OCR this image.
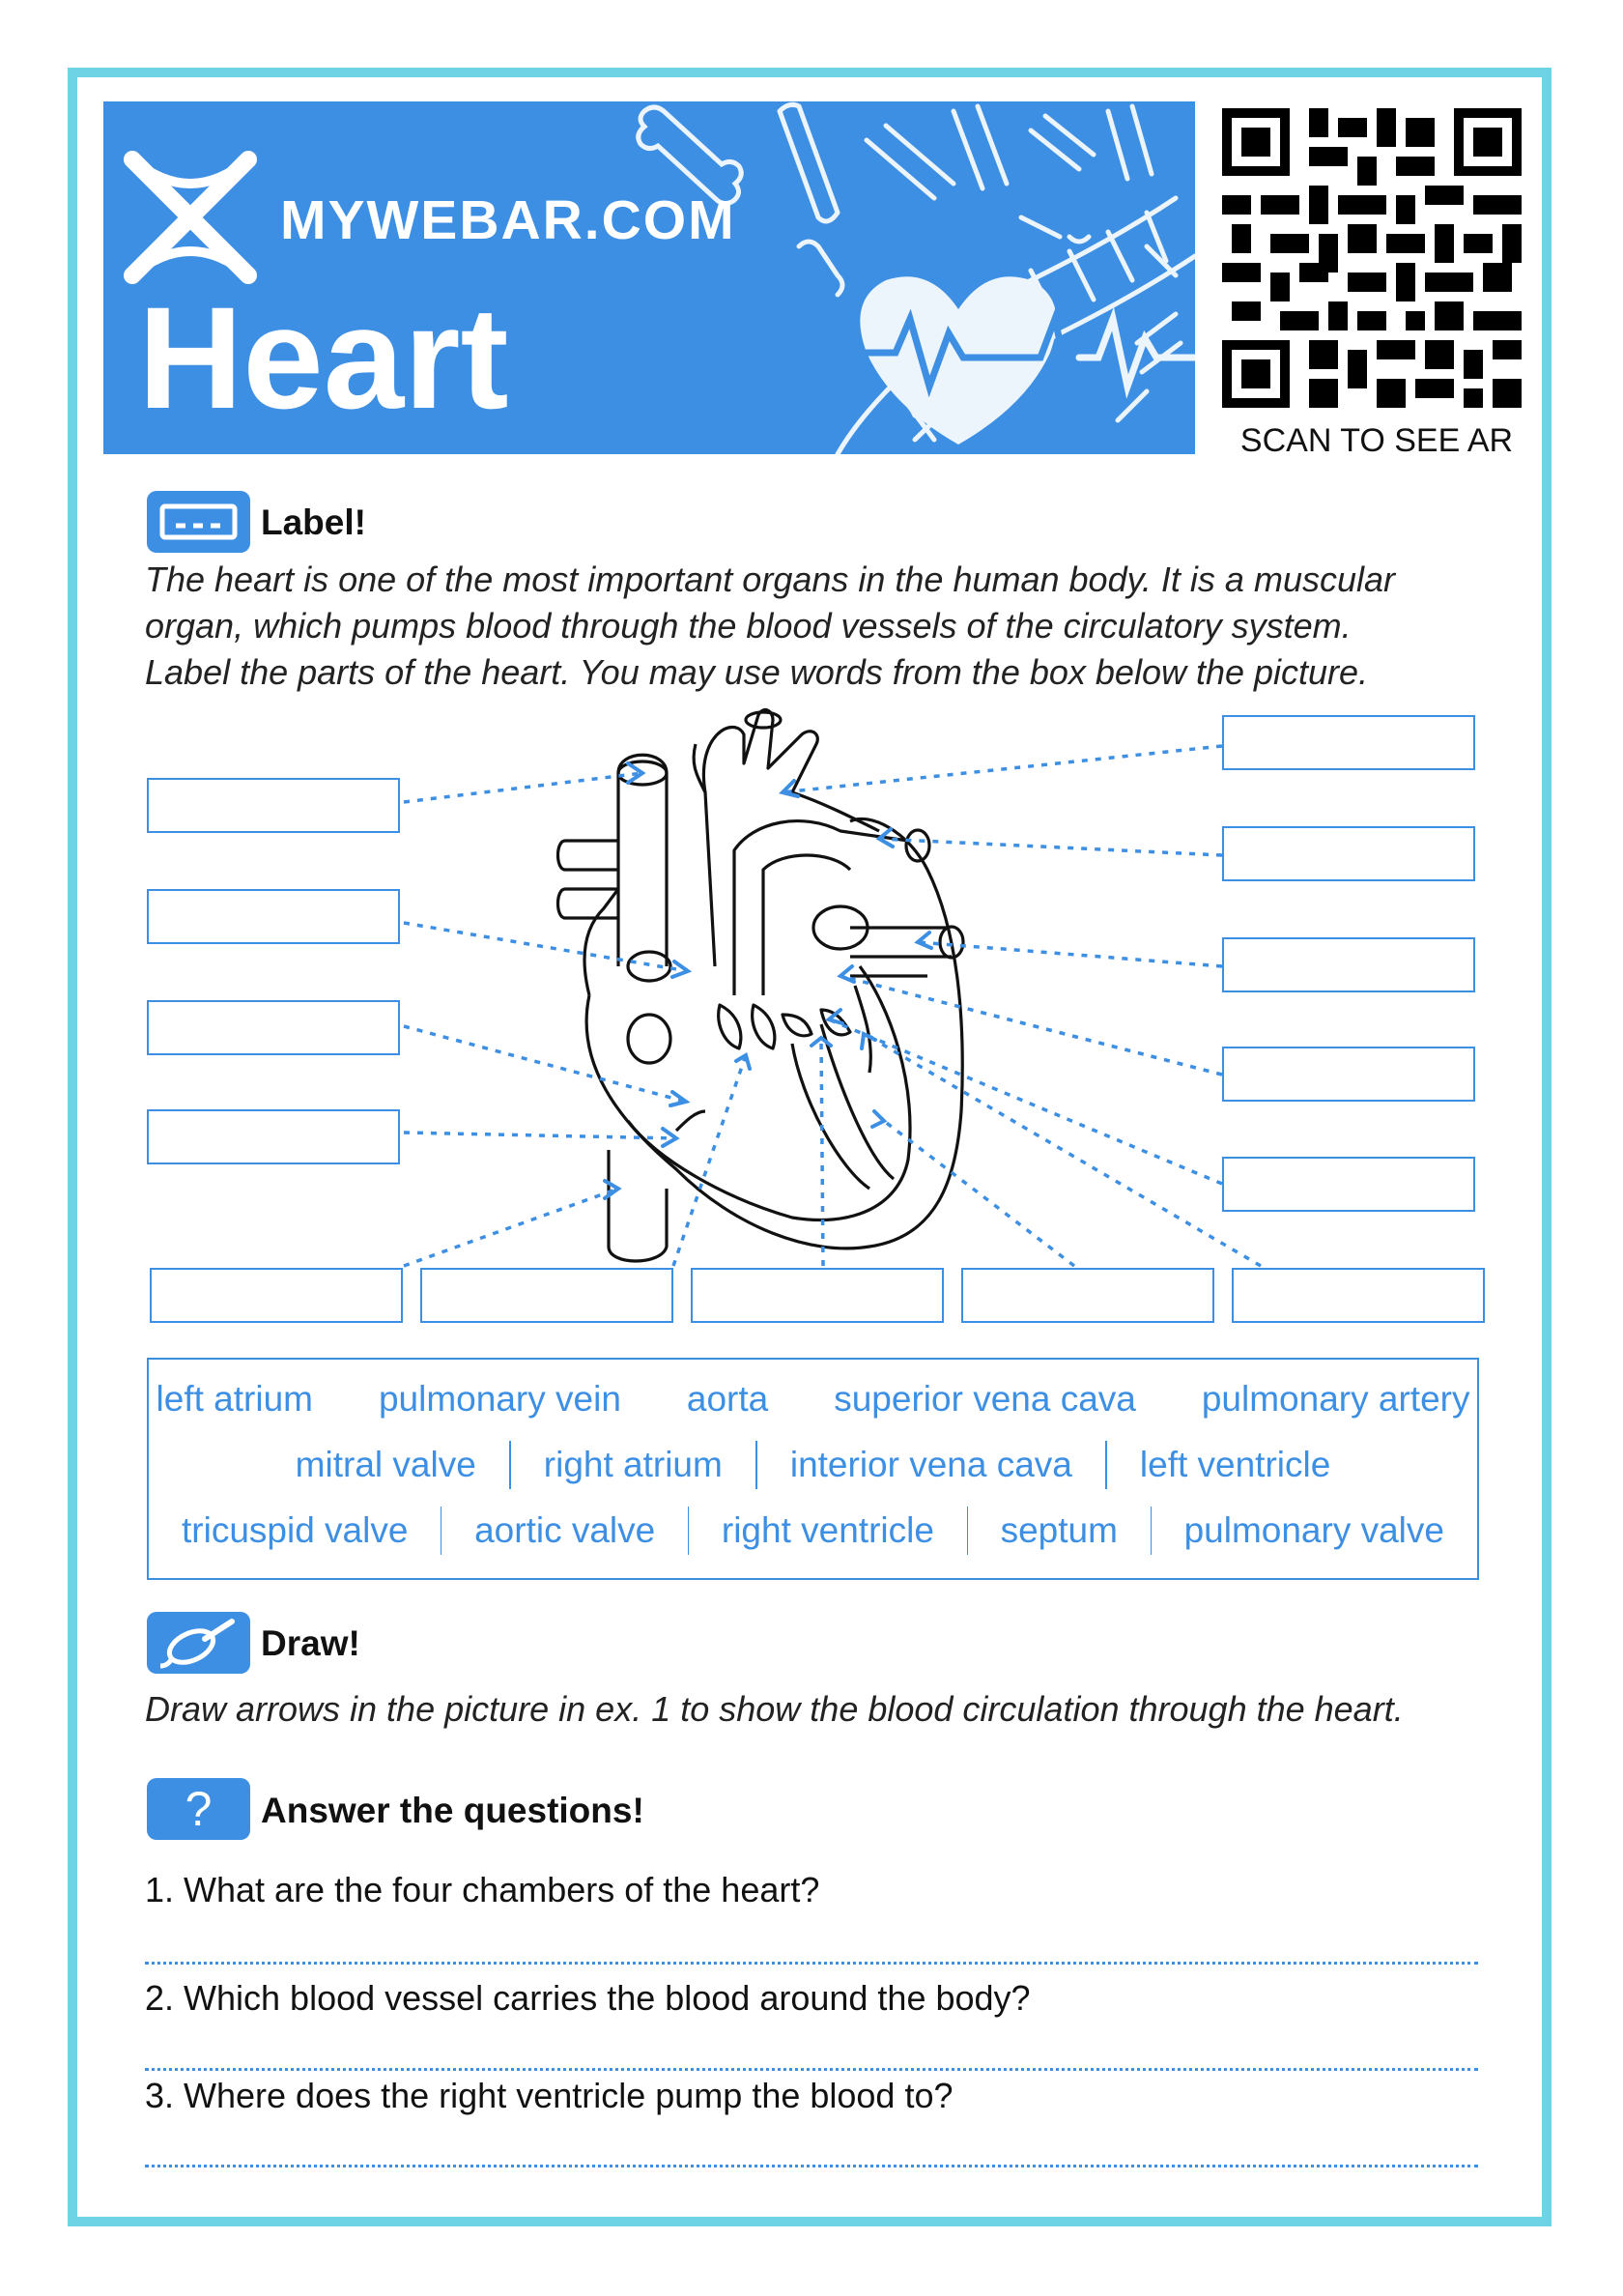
MYWEBAR.COM
Heart
SCAN TO SEE AR
Label!
The heart is one of the most important organs in the human body. It is a muscular
organ, which pumps blood through the blood vessels of the circulatory system.
Label the parts of the heart. You may use words from the box below the picture.
left atrium	pulmonary vein	aorta	superior vena cava	pulmonary artery
mitral valve	right atrium	interior vena cava	left ventricle
tricuspid valve	aortic valve	right ventricle	septum	pulmonary valve
Draw!
Draw arrows in the picture in ex. 1 to show the blood circulation through the heart.
?	Answer the questions!
1. What are the four chambers of the heart?
2. Which blood vessel carries the blood around the body?
3. Where does the right ventricle pump the blood to?
